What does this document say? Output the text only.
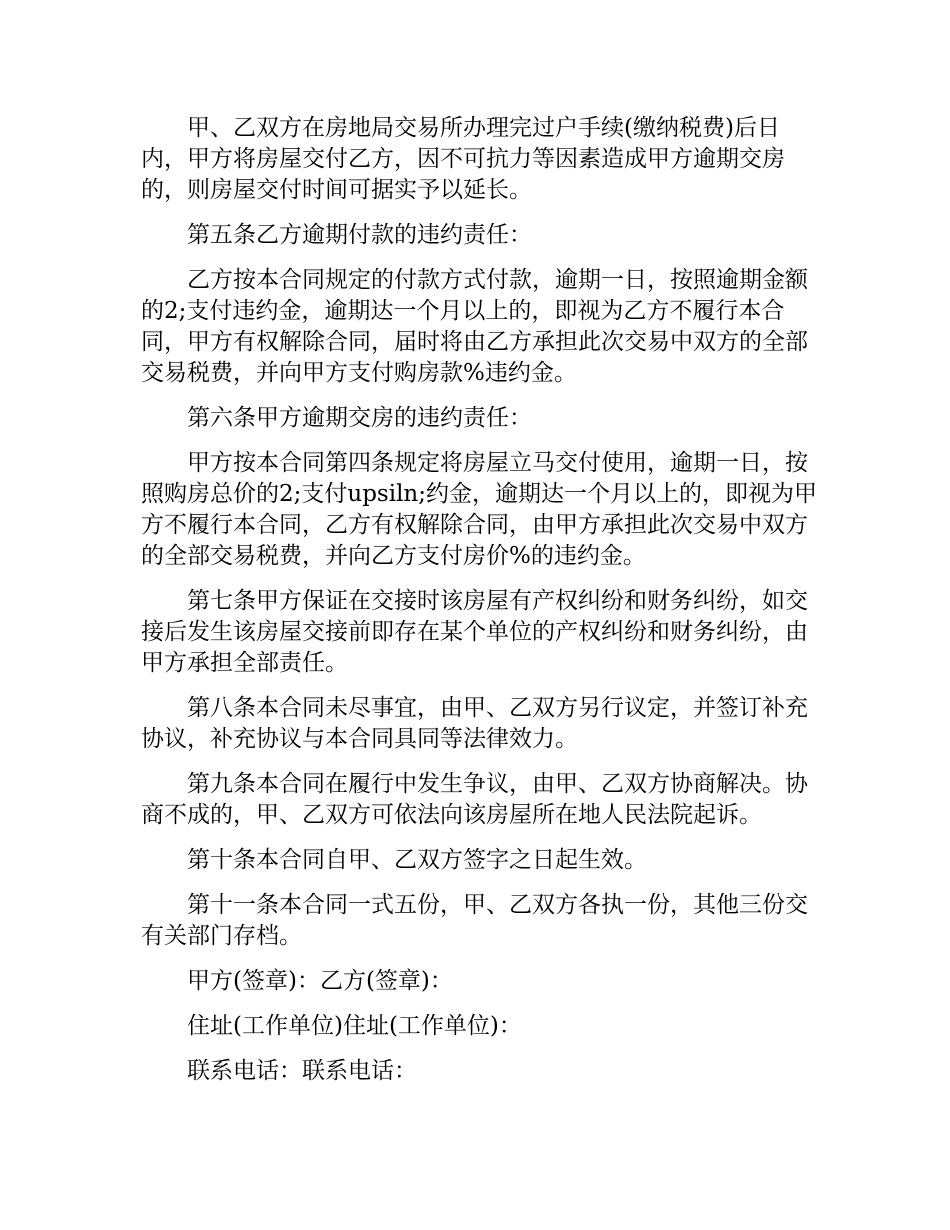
甲、乙双方在房地局交易所办理完过户手续(缴纳税费)后日内，甲方将房屋交付乙方，因不可抗力等因素造成甲方逾期交房的，则房屋交付时间可据实予以延长。

第五条乙方逾期付款的违约责任：

乙方按本合同规定的付款方式付款，逾期一日，按照逾期金额的2;支付违约金，逾期达一个月以上的，即视为乙方不履行本合同，甲方有权解除合同，届时将由乙方承担此次交易中双方的全部交易税费，并向甲方支付购房款%违约金。

第六条甲方逾期交房的违约责任：

甲方按本合同第四条规定将房屋立马交付使用，逾期一日，按照购房总价的2;支付upsiln;约金，逾期达一个月以上的，即视为甲方不履行本合同，乙方有权解除合同，由甲方承担此次交易中双方的全部交易税费，并向乙方支付房价%的违约金。

第七条甲方保证在交接时该房屋有产权纠纷和财务纠纷，如交接后发生该房屋交接前即存在某个单位的产权纠纷和财务纠纷，由甲方承担全部责任。

第八条本合同未尽事宜，由甲、乙双方另行议定，并签订补充协议，补充协议与本合同具同等法律效力。

第九条本合同在履行中发生争议，由甲、乙双方协商解决。协商不成的，甲、乙双方可依法向该房屋所在地人民法院起诉。

第十条本合同自甲、乙双方签字之日起生效。

第十一条本合同一式五份，甲、乙双方各执一份，其他三份交有关部门存档。

甲方(签章)：乙方(签章)：

住址(工作单位)住址(工作单位)：

联系电话：联系电话：
